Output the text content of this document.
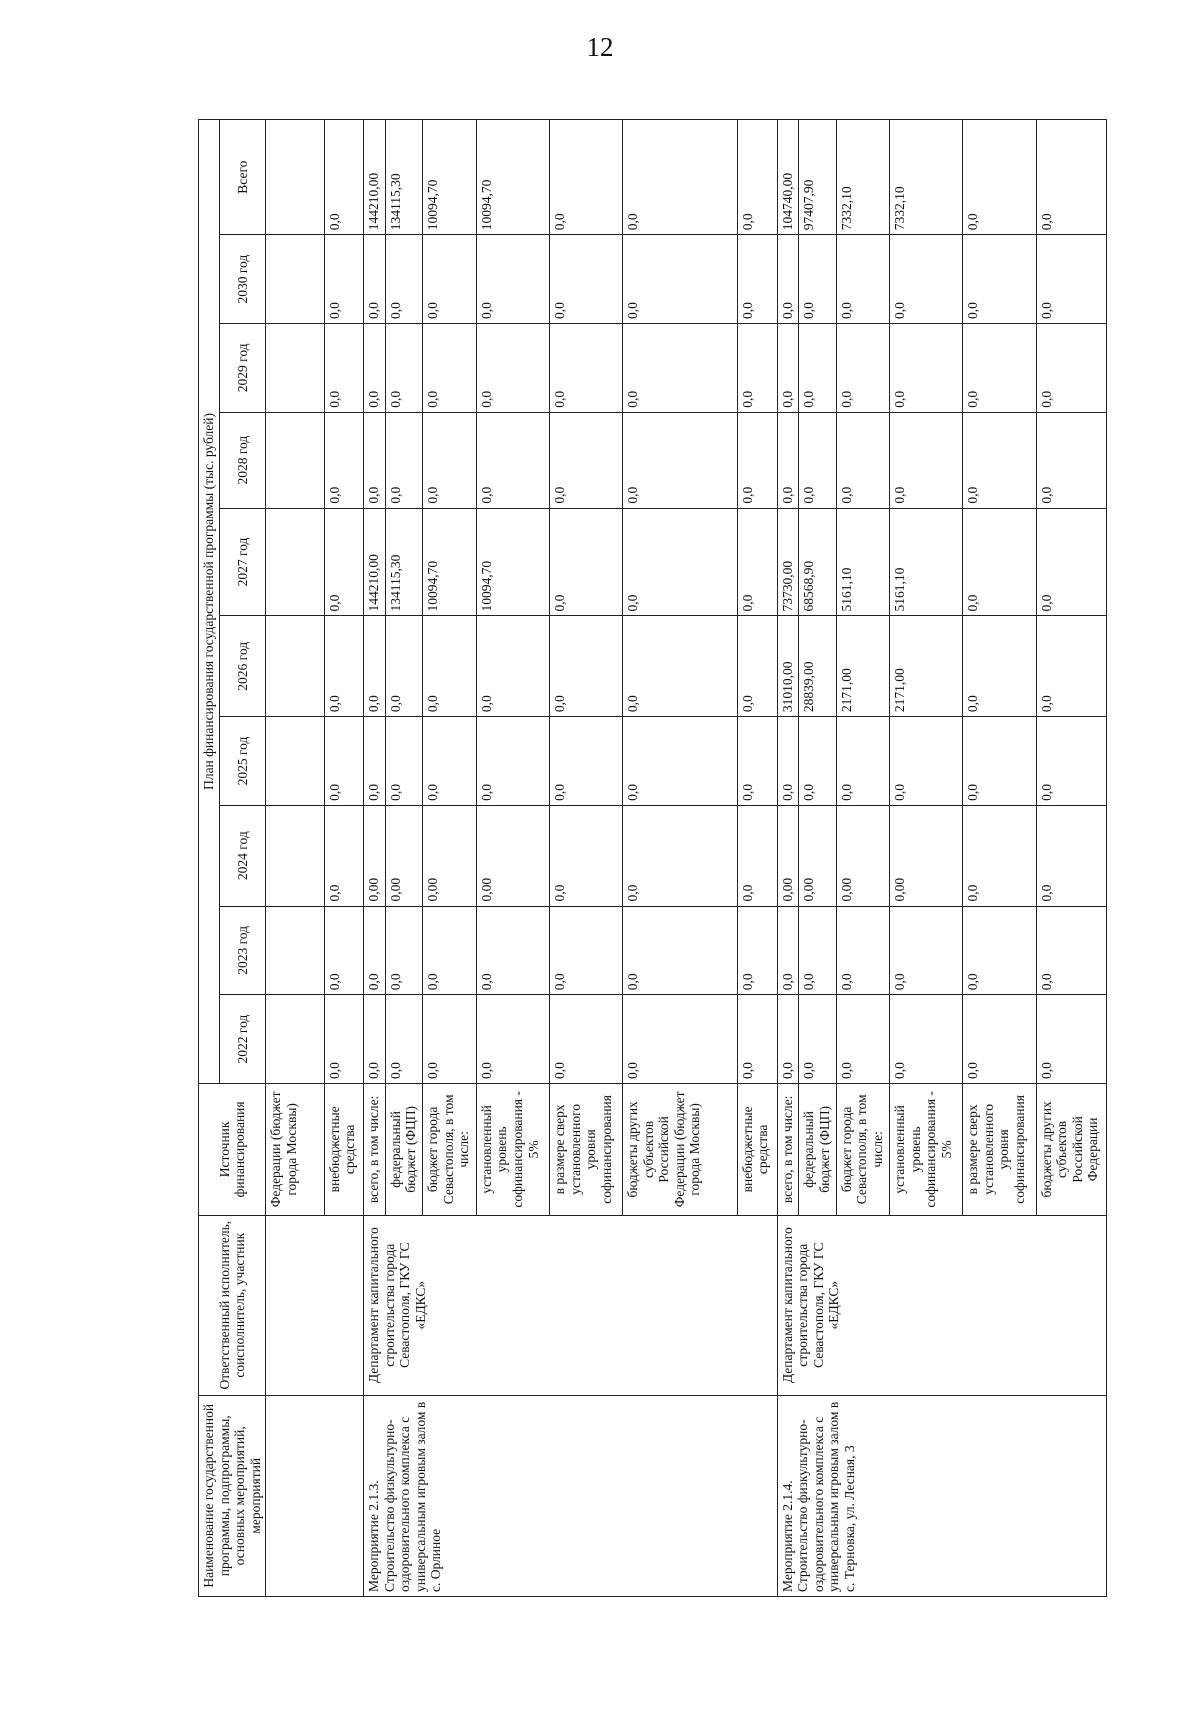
12
Наименование государственной программы, подпрограммы, основных мероприятий, мероприятий	Ответственный исполнитель, соисполнитель, участник	Источник финансирования	План финансирования государственной программы (тыс. рублей)									
			2022 год	2023 год	2024 год	2025 год	2026 год	2027 год	2028 год	2029 год	2030 год	Всего
		Федерации (бюджет города Москвы)										
		внебюджетные средства	0,0	0,0	0,0	0,0	0,0	0,0	0,0	0,0	0,0	0,0
Мероприятие 2.1.3. Строительство физкультурно-оздоровительного комплекса с универсальным игровым залом в с. Орлиное	Департамент капитального строительства города Севастополя, ГКУ ГС «ЕДКС»	всего, в том числе:	0,0	0,0	0,00	0,0	0,0	144210,00	0,0	0,0	0,0	144210,00
		федеральный бюджет (ФЦП)	0,0	0,0	0,00	0,0	0,0	134115,30	0,0	0,0	0,0	134115,30
		бюджет города Севастополя, в том числе:	0,0	0,0	0,00	0,0	0,0	10094,70	0,0	0,0	0,0	10094,70
		установленный уровень софинансирования - 5%	0,0	0,0	0,00	0,0	0,0	10094,70	0,0	0,0	0,0	10094,70
		в размере сверх установленного уровня софинансирования	0,0	0,0	0,0	0,0	0,0	0,0	0,0	0,0	0,0	0,0
		бюджеты других субъектов Российской Федерации (бюджет города Москвы)	0,0	0,0	0,0	0,0	0,0	0,0	0,0	0,0	0,0	0,0
		внебюджетные средства	0,0	0,0	0,0	0,0	0,0	0,0	0,0	0,0	0,0	0,0
Мероприятие 2.1.4. Строительство физкультурно-оздоровительного комплекса с универсальным игровым залом в с. Терновка, ул. Лесная, 3	Департамент капитального строительства города Севастополя, ГКУ ГС «ЕДКС»	всего, в том числе:	0,0	0,0	0,00	0,0	31010,00	73730,00	0,0	0,0	0,0	104740,00
		федеральный бюджет (ФЦП)	0,0	0,0	0,00	0,0	28839,00	68568,90	0,0	0,0	0,0	97407,90
		бюджет города Севастополя, в том числе:	0,0	0,0	0,00	0,0	2171,00	5161,10	0,0	0,0	0,0	7332,10
		установленный уровень софинансирования - 5%	0,0	0,0	0,00	0,0	2171,00	5161,10	0,0	0,0	0,0	7332,10
		в размере сверх установленного уровня софинансирования	0,0	0,0	0,0	0,0	0,0	0,0	0,0	0,0	0,0	0,0
		бюджеты других субъектов Российской Федерации	0,0	0,0	0,0	0,0	0,0	0,0	0,0	0,0	0,0	0,0
